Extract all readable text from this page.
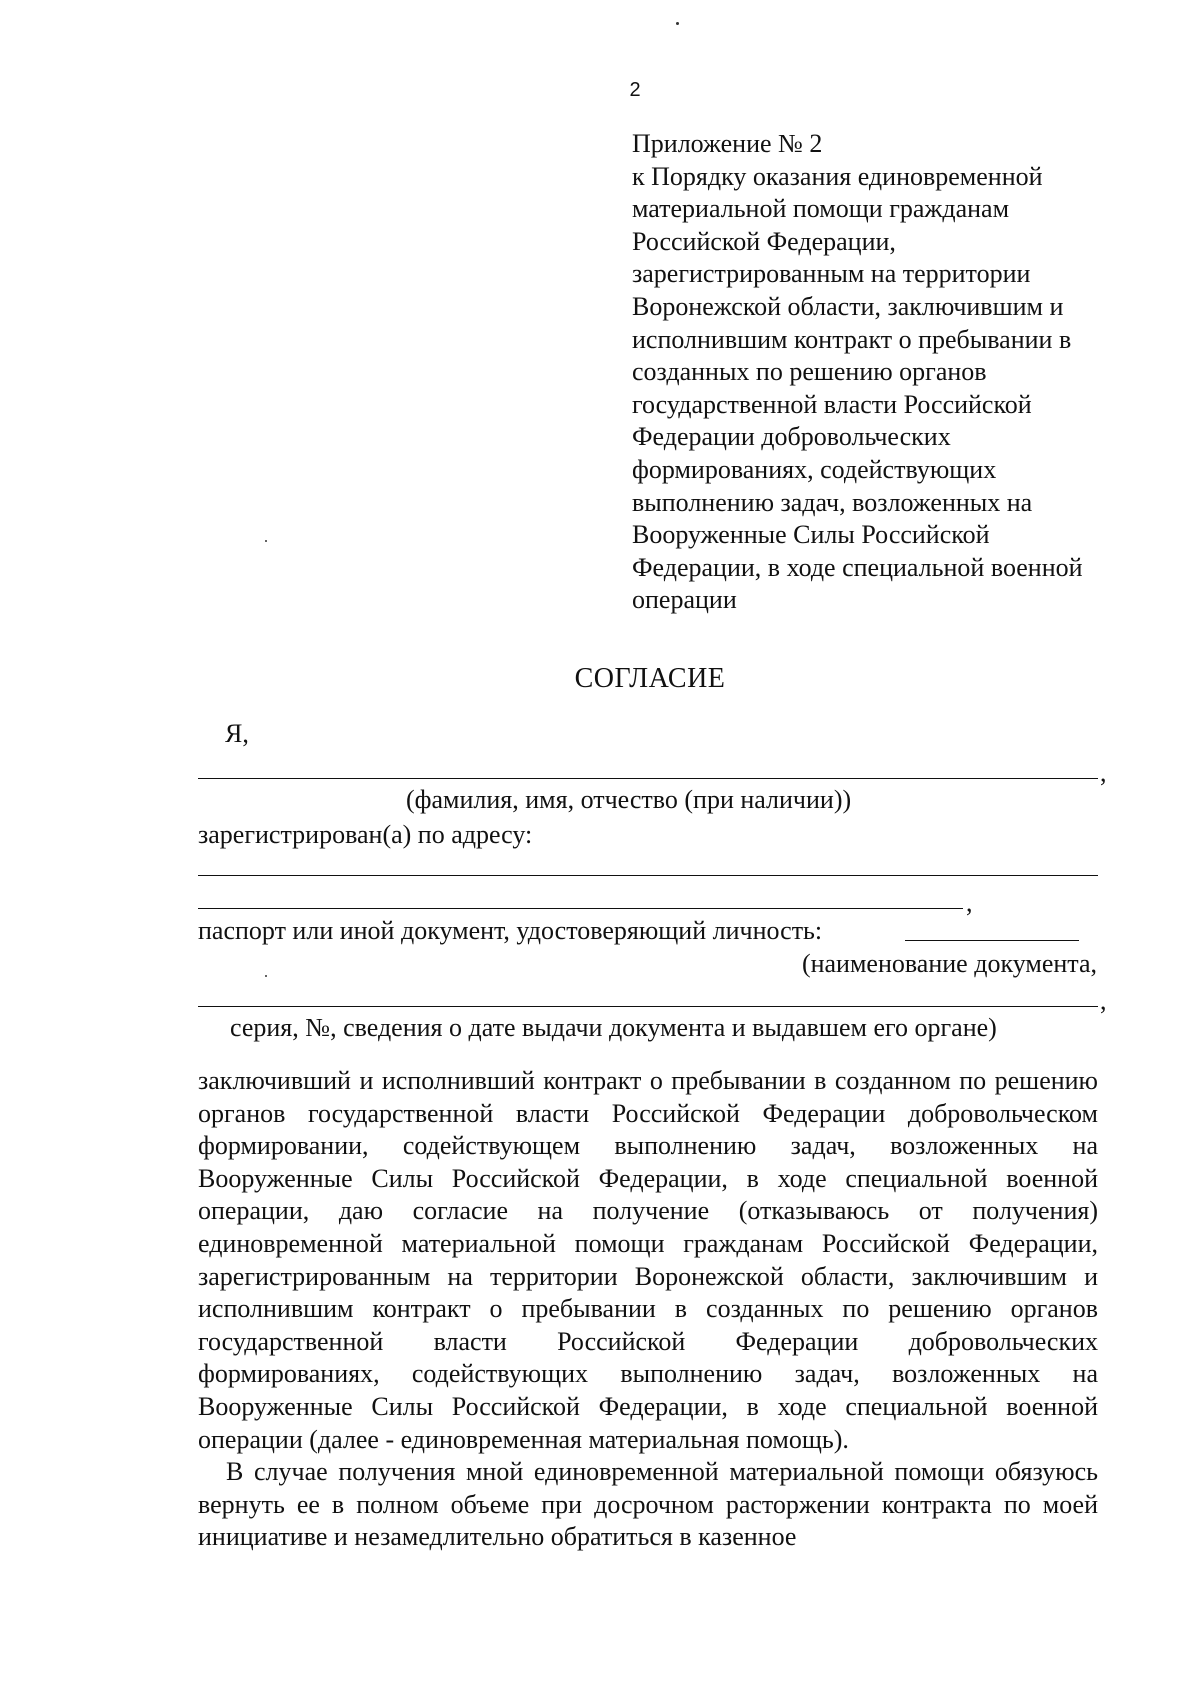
2
Приложение № 2
к Порядку оказания единовременной
материальной помощи гражданам
Российской Федерации,
зарегистрированным на территории
Воронежской области, заключившим и
исполнившим контракт о пребывании в
созданных по решению органов
государственной власти Российской
Федерации добровольческих
формированиях, содействующих
выполнению задач, возложенных на
Вооруженные Силы Российской
Федерации, в ходе специальной военной
операции
СОГЛАСИЕ
Я,
,
(фамилия, имя, отчество (при наличии))
зарегистрирован(а) по адресу:
,
паспорт или иной документ, удостоверяющий личность:
(наименование документа,
,
серия, №, сведения о дате выдачи документа и выдавшем его органе)

заключивший и исполнивший контракт о пребывании в созданном по решению органов государственной власти Российской Федерации добровольческом формировании, содействующем выполнению задач, возложенных на Вооруженные Силы Российской Федерации, в ходе специальной военной операции, даю согласие на получение (отказываюсь от получения) единовременной материальной помощи гражданам Российской Федерации, зарегистрированным на территории Воронежской области, заключившим и исполнившим контракт о пребывании в созданных по решению органов государственной власти Российской Федерации добровольческих формированиях, содействующих выполнению задач, возложенных на Вооруженные Силы Российской Федерации, в ходе специальной военной операции (далее - единовременная материальная помощь).

В случае получения мной единовременной материальной помощи обязуюсь вернуть ее в полном объеме при досрочном расторжении контракта по моей инициативе и незамедлительно обратиться в казенное
